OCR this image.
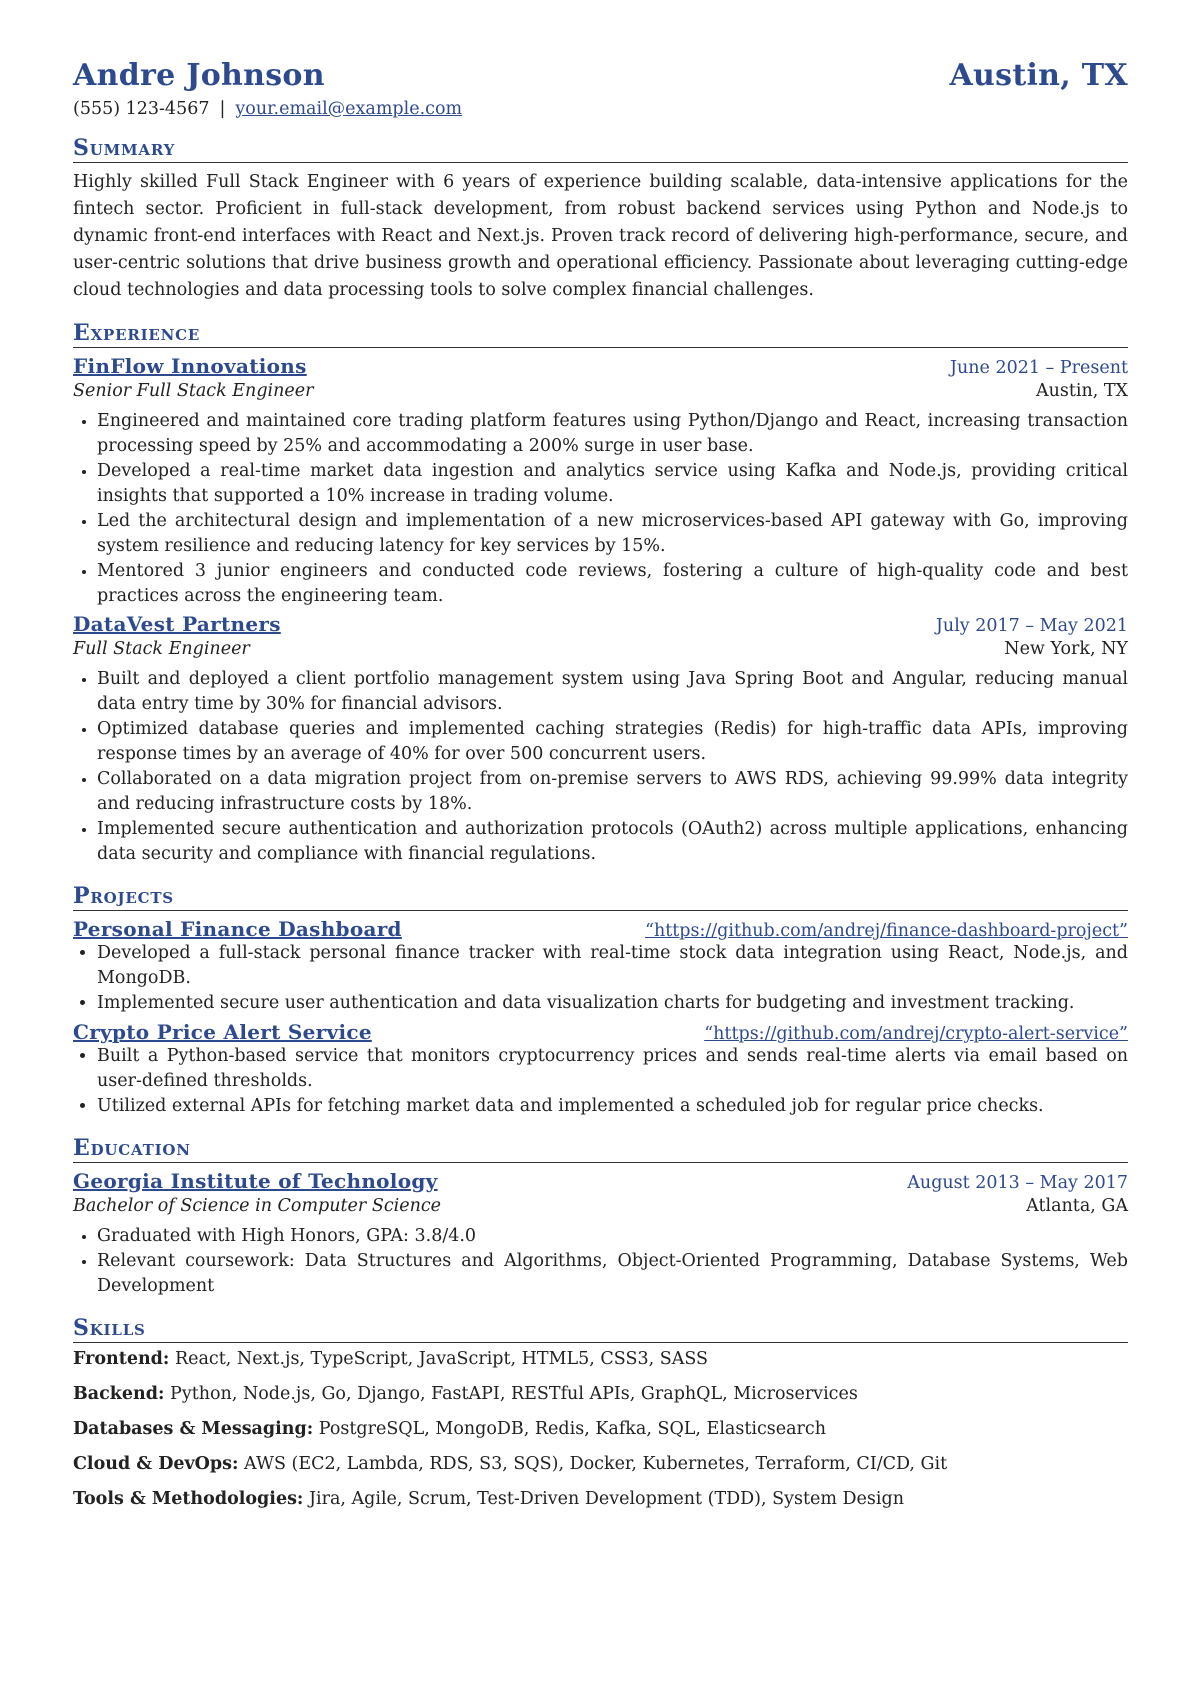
Andre Johnson	Austin, TX
(555) 123-4567 | your.email@example.com
Summary
Highly skilled Full Stack Engineer with 6 years of experience building scalable, data-intensive applications for the fintech sector. Proficient in full-stack development, from robust backend services using Python and Node.js to dynamic front-end interfaces with React and Next.js. Proven track record of delivering high-performance, secure, and user-centric solutions that drive business growth and operational efficiency. Passionate about leveraging cutting-edge cloud technologies and data processing tools to solve complex financial challenges.
Experience
FinFlow Innovations	June 2021 – Present
Senior Full Stack Engineer	Austin, TX
• Engineered and maintained core trading platform features using Python/Django and React, increasing transaction processing speed by 25% and accommodating a 200% surge in user base.
• Developed a real-time market data ingestion and analytics service using Kafka and Node.js, providing critical insights that supported a 10% increase in trading volume.
• Led the architectural design and implementation of a new microservices-based API gateway with Go, improving system resilience and reducing latency for key services by 15%.
• Mentored 3 junior engineers and conducted code reviews, fostering a culture of high-quality code and best practices across the engineering team.
DataVest Partners	July 2017 – May 2021
Full Stack Engineer	New York, NY
• Built and deployed a client portfolio management system using Java Spring Boot and Angular, reducing manual data entry time by 30% for financial advisors.
• Optimized database queries and implemented caching strategies (Redis) for high-traffic data APIs, improving response times by an average of 40% for over 500 concurrent users.
• Collaborated on a data migration project from on-premise servers to AWS RDS, achieving 99.99% data integrity and reducing infrastructure costs by 18%.
• Implemented secure authentication and authorization protocols (OAuth2) across multiple applications, enhancing data security and compliance with financial regulations.
Projects
Personal Finance Dashboard	“https://github.com/andrej/finance-dashboard-project”
• Developed a full-stack personal finance tracker with real-time stock data integration using React, Node.js, and MongoDB.
• Implemented secure user authentication and data visualization charts for budgeting and investment tracking.
Crypto Price Alert Service	“https://github.com/andrej/crypto-alert-service”
• Built a Python-based service that monitors cryptocurrency prices and sends real-time alerts via email based on user-defined thresholds.
• Utilized external APIs for fetching market data and implemented a scheduled job for regular price checks.
Education
Georgia Institute of Technology	August 2013 – May 2017
Bachelor of Science in Computer Science	Atlanta, GA
• Graduated with High Honors, GPA: 3.8/4.0
• Relevant coursework: Data Structures and Algorithms, Object-Oriented Programming, Database Systems, Web Development
Skills
Frontend: React, Next.js, TypeScript, JavaScript, HTML5, CSS3, SASS
Backend: Python, Node.js, Go, Django, FastAPI, RESTful APIs, GraphQL, Microservices
Databases & Messaging: PostgreSQL, MongoDB, Redis, Kafka, SQL, Elasticsearch
Cloud & DevOps: AWS (EC2, Lambda, RDS, S3, SQS), Docker, Kubernetes, Terraform, CI/CD, Git
Tools & Methodologies: Jira, Agile, Scrum, Test-Driven Development (TDD), System Design
